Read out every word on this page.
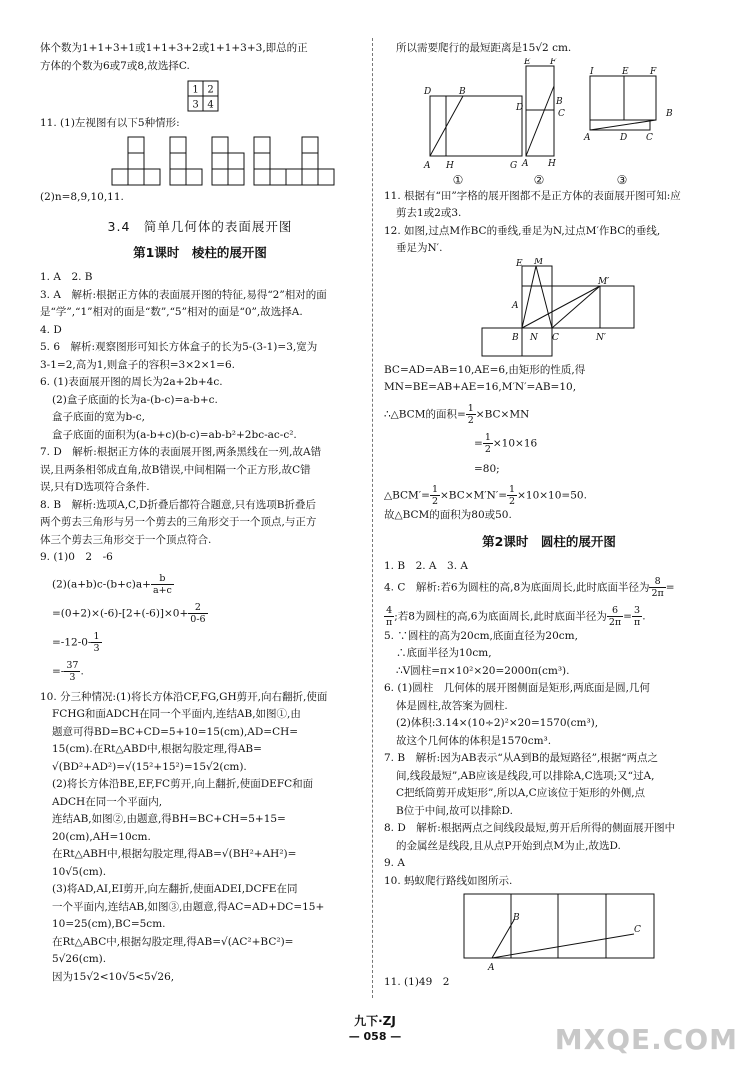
体个数为1+1+3+1或1+1+3+2或1+1+3+3,即总的正

方体的个数为6或7或8,故选择C.

1 2
3 4

11. (1)左视图有以下5种情形:

(2)n=8,9,10,11.

3.4　简单几何体的表面展开图
第1课时　棱柱的展开图

1. A　2. B

3. A　解析:根据正方体的表面展开图的特征,易得“2”相对的面

是“学”,“1”相对的面是“数”,“5”相对的面是“0”,故选择A.

4. D

5. 6　解析:观察图形可知长方体盒子的长为5-(3-1)=3,宽为

3-1=2,高为1,则盒子的容积=3×2×1=6.

6. (1)表面展开图的周长为2a+2b+4c.

(2)盒子底面的长为a-(b-c)=a-b+c.

盒子底面的宽为b-c,

盒子底面的面积为(a-b+c)(b-c)=ab-b²+2bc-ac-c².

7. D　解析:根据正方体的表面展开图,两条黑线在一列,故A错

误,且两条相邻成直角,故B错误,中间相隔一个正方形,故C错

误,只有D选项符合条件.

8. B　解析:选项A,C,D折叠后都符合题意,只有选项B折叠后

两个剪去三角形与另一个剪去的三角形交于一个顶点,与正方

体三个剪去三角形交于一个顶点符合.

9. (1)0　2　-6

$(2)(a+b)c-(b+c)a+ \frac{b}{a+c}$

$=(0+2)\times(-6)-[2+(-6)]\times 0+ \frac{2}{0-6}$

$=-12-0- \frac{1}{3}$

=- $\frac{37}{3}$ .

10. 分三种情况:(1)将长方体沿CF,FG,GH剪开,向右翻折,使面

FCHG和面ADCH在同一个平面内,连结AB,如图①,由

题意可得BD=BC+CD=5+10=15(cm),AD=CH=

15(cm).在Rt△ABD中,根据勾股定理,得AB=

√(BD²+AD²)=√(15²+15²)=15√2(cm).

(2)将长方体沿BE,EF,FC剪开,向上翻折,使面DEFC和面

ADCH在同一个平面内,

连结AB,如图②,由题意,得BH=BC+CH=5+15=

20(cm),AH=10cm.

在Rt△ABH中,根据勾股定理,得AB=√(BH²+AH²)=

10√5(cm).

(3)将AD,AI,EI剪开,向左翻折,使面ADEI,DCFE在同

一个平面内,连结AB,如图③,由题意,得AC=AD+DC=15+

10=25(cm),BC=5cm.

在Rt△ABC中,根据勾股定理,得AB=√(AC²+BC²)=

5√26(cm).

因为15√2<10√5<5√26,

所以需要爬行的最短距离是15√2 cm.

D	B
A H	G
E F
D
B
C
A H
I	E F
B
A	D C
①	②	③

11. 根据有“田”字格的展开图都不是正方体的表面展开图可知:应

剪去1或2或3.

12. 如图,过点M作BC的垂线,垂足为N,过点M′作BC的垂线,

垂足为N′.

E M
A
M′
B N C	N′

BC=AD=AB=10,AE=6,由矩形的性质,得

MN=BE=AB+AE=16,M′N′=AB=10,

∴△BCM的面积= $\frac{1}{2} \times BC\times MN$

= $\frac{1}{2} \times 10\times 16$

=80;

△BCM′= $\frac{1}{2} \times BC\times M'N'= \frac{1}{2} \times 10\times 10=50$.

故△BCM的面积为80或50.

第2课时　圆柱的展开图

1. B　2. A　3. A

4. C　解析:若6为圆柱的高,8为底面周长,此时底面半径为 $\frac{8}{2\pi}$ =

$\frac{4}{\pi}$ ;若8为圆柱的高,6为底面周长,此时底面半径为 $\frac{6}{2\pi} = \frac{3}{\pi}$ .

5. ∵圆柱的高为20cm,底面直径为20cm,

∴底面半径为10cm,

∴V圆柱=π×10²×20=2000π(cm³).

6. (1)圆柱　几何体的展开图侧面是矩形,两底面是圆,几何

体是圆柱,故答案为圆柱.

(2)体积:3.14×(10÷2)²×20=1570(cm³),

故这个几何体的体积是1570cm³.

7. B　解析:因为AB表示“从A到B的最短路径”,根据“两点之

间,线段最短”,AB应该是线段,可以排除A,C选项;又“过A,

C把纸筒剪开成矩形”,所以A,C应该位于矩形的外侧,点

B位于中间,故可以排除D.

8. D　解析:根据两点之间线段最短,剪开后所得的侧面展开图中

的金属丝是线段,且从点P开始到点M为止,故选D.

9. A

10. 蚂蚁爬行路线如图所示.

B
C
A

11. (1)49　2

九下·ZJ
— 058 —	MXQE.COM
